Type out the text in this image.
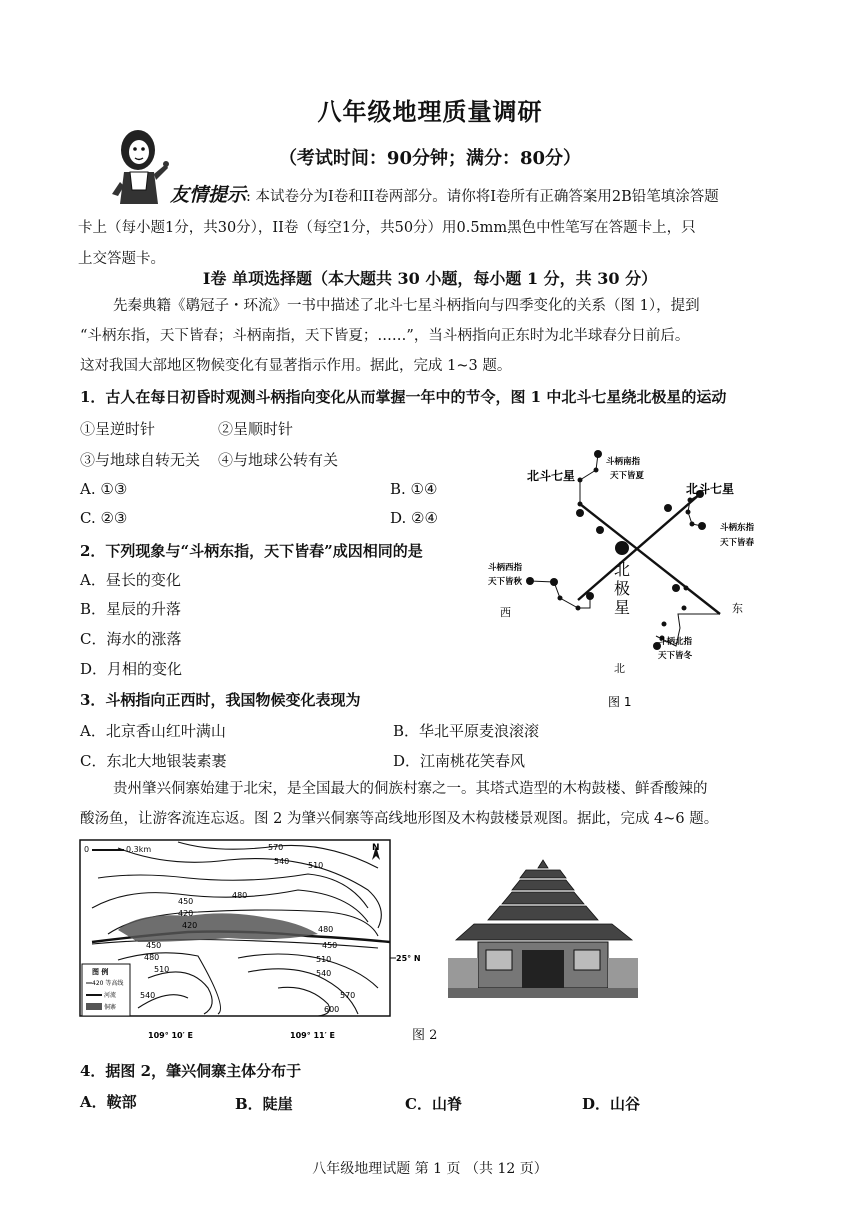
八年级地理质量调研
（考试时间：90分钟；满分：80分）
友情提示: 本试卷分为I卷和II卷两部分。请你将I卷所有正确答案用2B铅笔填涂答题
卡上（每小题1分，共30分），II卷（每空1分，共50分）用0.5mm黑色中性笔写在答题卡上，只
上交答题卡。
I卷 单项选择题（本大题共 30 小题，每小题 1 分，共 30 分）
先秦典籍《鹖冠子・环流》一书中描述了北斗七星斗柄指向与四季变化的关系（图 1），提到
“斗柄东指，天下皆春；斗柄南指，天下皆夏；……”，当斗柄指向正东时为北半球春分日前后。
这对我国大部地区物候变化有显著指示作用。据此，完成 1~3 题。
1．古人在每日初昏时观测斗柄指向变化从而掌握一年中的节令，图 1 中北斗七星绕北极星的运动
①呈逆时针	②呈顺时针
③与地球自转无关 ④与地球公转有关
A. ①③	B. ①④
C. ②③	D. ②④
2．下列现象与“斗柄东指，天下皆春”成因相同的是
A．昼长的变化
B．星辰的升落
C．海水的涨落
D．月相的变化
3．斗柄指向正西时，我国物候变化表现为
A．北京香山红叶满山	B．华北平原麦浪滚滚
C．东北大地银装素裹	D．江南桃花笑春风
北斗七星
北斗七星
斗柄南指
天下皆夏
斗柄东指
天下皆春
斗柄西指
天下皆秋
斗柄北指
天下皆冬
北
极
星
西	东
北
图 1
贵州肇兴侗寨始建于北宋，是全国最大的侗族村寨之一。其塔式造型的木构鼓楼、鲜香酸辣的
酸汤鱼，让游客流连忘返。图 2 为肇兴侗寨等高线地形图及木构鼓楼景观图。据此，完成 4~6 题。
0	0.3km	N
570
540 510
480
450
420
450
480
510
540
510
540
570
600
480
450
420
25° N
109° 10′ E	109° 11′ E
图 例
420 等高线
河流
侗寨
图 2
4．据图 2，肇兴侗寨主体分布于
A．鞍部	B．陡崖	C．山脊	D．山谷
八年级地理试题 第 1 页 （共 12 页）
